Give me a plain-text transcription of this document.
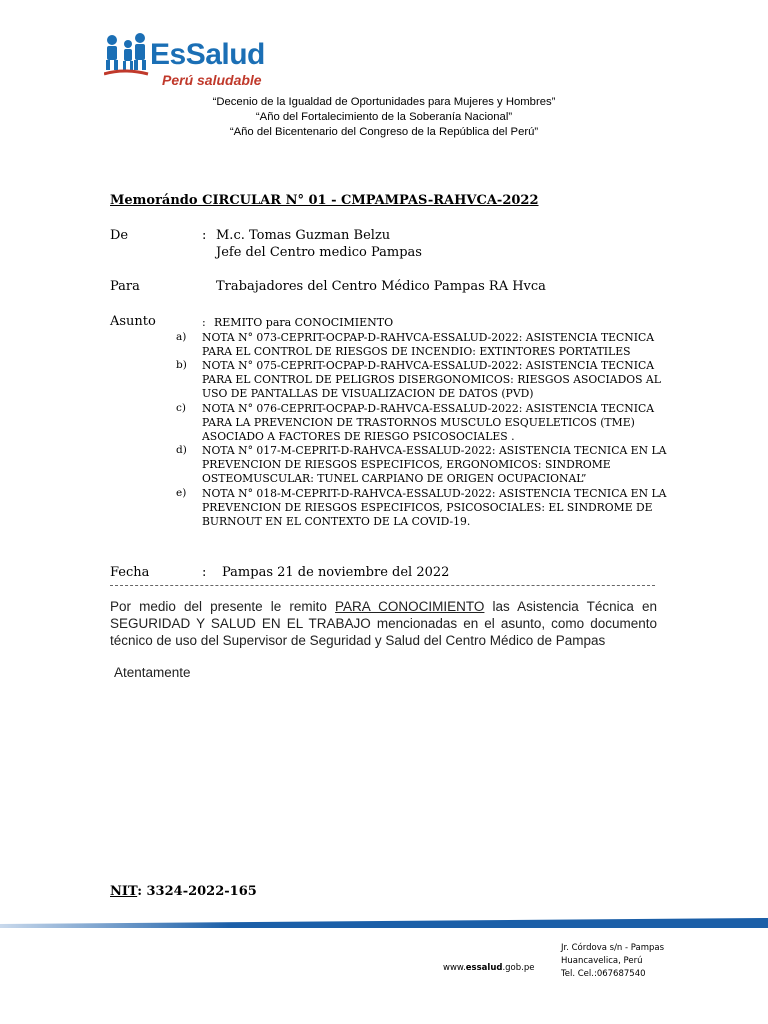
EsSalud
Perú saludable
“Decenio de la Igualdad de Oportunidades para Mujeres y Hombres”
“Año del Fortalecimiento de la Soberanía Nacional”
“Año del Bicentenario del Congreso de la República del Perú”
Memorándo CIRCULAR N° 01 - CMPAMPAS-RAHVCA-2022
De	: M.c. Tomas Guzman Belzu
Jefe del Centro medico Pampas
Para	Trabajadores del Centro Médico Pampas RA Hvca
Asunto	: REMITO para CONOCIMIENTO
a) NOTA N° 073-CEPRIT-OCPAP-D-RAHVCA-ESSALUD-2022: ASISTENCIA TECNICA PARA EL CONTROL DE RIESGOS DE INCENDIO: EXTINTORES PORTATILES
b) NOTA N° 075-CEPRIT-OCPAP-D-RAHVCA-ESSALUD-2022: ASISTENCIA TECNICA PARA EL CONTROL DE PELIGROS DISERGONOMICOS: RIESGOS ASOCIADOS AL USO DE PANTALLAS DE VISUALIZACION DE DATOS (PVD)
c) NOTA N° 076-CEPRIT-OCPAP-D-RAHVCA-ESSALUD-2022: ASISTENCIA TECNICA PARA LA PREVENCION DE TRASTORNOS MUSCULO ESQUELETICOS (TME) ASOCIADO A FACTORES DE RIESGO PSICOSOCIALES .
d) NOTA N° 017-M-CEPRIT-D-RAHVCA-ESSALUD-2022: ASISTENCIA TECNICA EN LA PREVENCION DE RIESGOS ESPECIFICOS, ERGONOMICOS: SINDROME OSTEOMUSCULAR: TUNEL CARPIANO DE ORIGEN OCUPACIONAL”
e) NOTA N° 018-M-CEPRIT-D-RAHVCA-ESSALUD-2022: ASISTENCIA TECNICA EN LA PREVENCION DE RIESGOS ESPECIFICOS, PSICOSOCIALES: EL SINDROME DE BURNOUT EN EL CONTEXTO DE LA COVID-19.
Fecha	: Pampas 21 de noviembre del 2022
Por medio del presente le remito PARA CONOCIMIENTO las Asistencia Técnica en SEGURIDAD Y SALUD EN EL TRABAJO mencionadas en el asunto, como documento técnico de uso del Supervisor de Seguridad y Salud del Centro Médico de Pampas
Atentamente
NIT: 3324-2022-165
www.essalud.gob.pe
Jr. Córdova s/n - Pampas
Huancavelica, Perú
Tel. Cel.:067687540
